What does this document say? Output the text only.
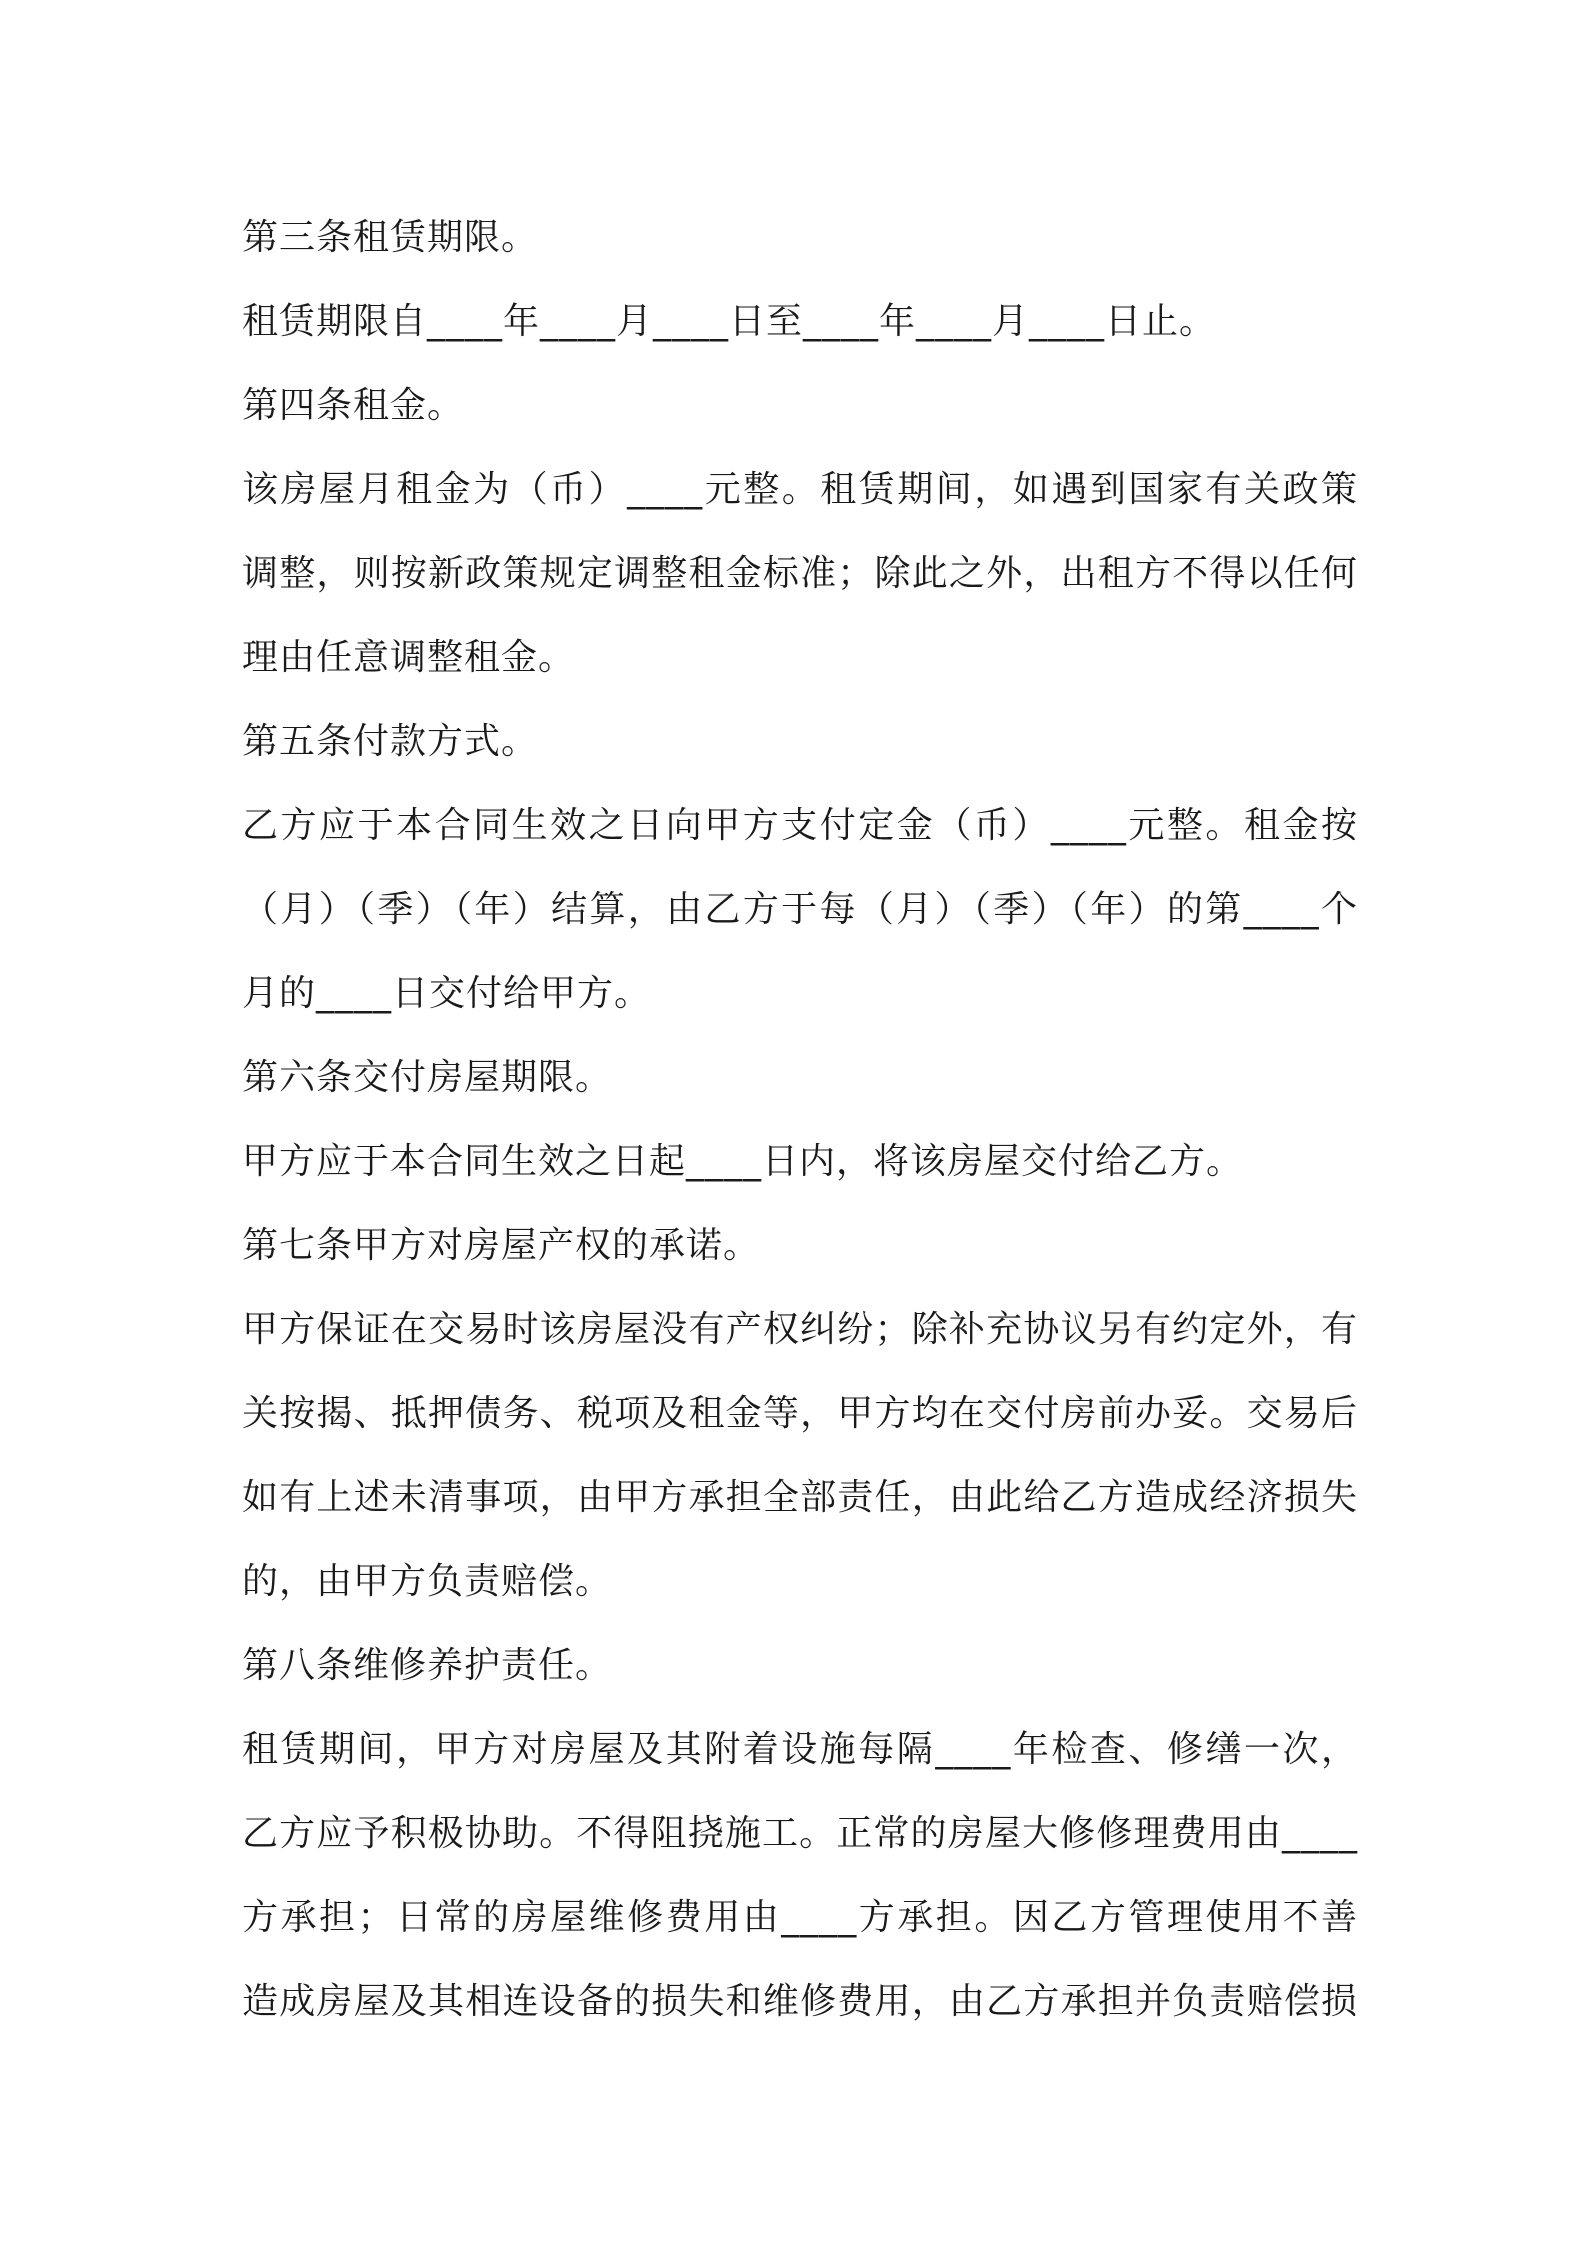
第三条租赁期限。
租赁期限自____年____月____日至____年____月____日止。
第四条租金。
该房屋月租金为（币）____元整。租赁期间，如遇到国家有关政策
调整，则按新政策规定调整租金标准；除此之外，出租方不得以任何
理由任意调整租金。
第五条付款方式。
乙方应于本合同生效之日向甲方支付定金（币）____元整。租金按
（月）（季）（年）结算，由乙方于每（月）（季）（年）的第____个
月的____日交付给甲方。
第六条交付房屋期限。
甲方应于本合同生效之日起____日内，将该房屋交付给乙方。
第七条甲方对房屋产权的承诺。
甲方保证在交易时该房屋没有产权纠纷；除补充协议另有约定外，有
关按揭、抵押债务、税项及租金等，甲方均在交付房前办妥。交易后
如有上述未清事项，由甲方承担全部责任，由此给乙方造成经济损失
的，由甲方负责赔偿。
第八条维修养护责任。
租赁期间，甲方对房屋及其附着设施每隔____年检查、修缮一次，
乙方应予积极协助。不得阻挠施工。正常的房屋大修修理费用由____
方承担；日常的房屋维修费用由____方承担。因乙方管理使用不善
造成房屋及其相连设备的损失和维修费用，由乙方承担并负责赔偿损
